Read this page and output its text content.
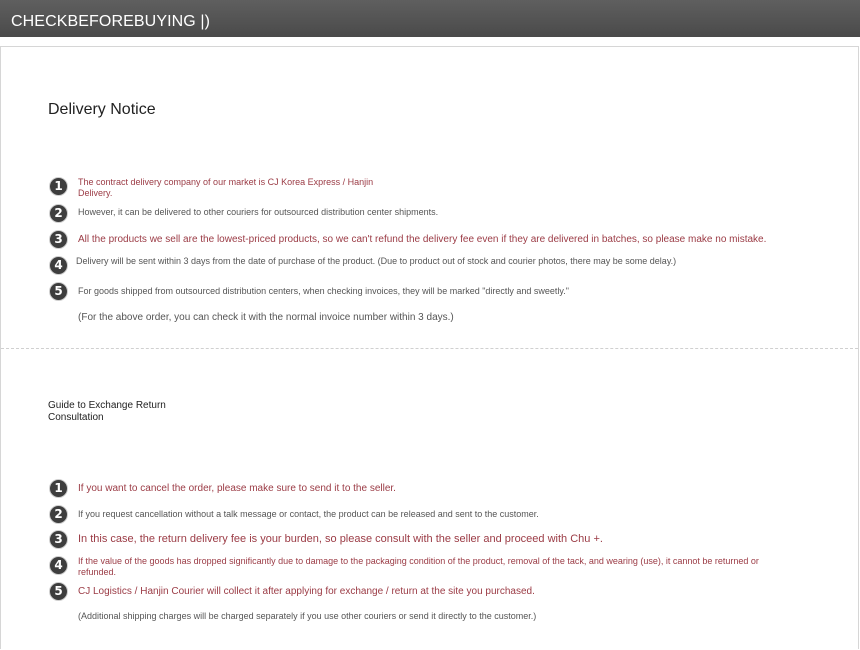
CHECKBEFOREBUYING |)
Delivery Notice
1	The contract delivery company of our market is CJ Korea Express / Hanjin Delivery.
2	However, it can be delivered to other couriers for outsourced distribution center shipments.
3	All the products we sell are the lowest-priced products, so we can't refund the delivery fee even if they are delivered in batches, so please make no mistake.
4	Delivery will be sent within 3 days from the date of purchase of the product. (Due to product out of stock and courier photos, there may be some delay.)
5	For goods shipped from outsourced distribution centers, when checking invoices, they will be marked "directly and sweetly."
(For the above order, you can check it with the normal invoice number within 3 days.)
Guide to Exchange Return Consultation
1	If you want to cancel the order, please make sure to send it to the seller.
2	If you request cancellation without a talk message or contact, the product can be released and sent to the customer.
3	In this case, the return delivery fee is your burden, so please consult with the seller and proceed with Chu +.
4	If the value of the goods has dropped significantly due to damage to the packaging condition of the product, removal of the tack, and wearing (use), it cannot be returned or refunded.
5	CJ Logistics / Hanjin Courier will collect it after applying for exchange / return at the site you purchased.
(Additional shipping charges will be charged separately if you use other couriers or send it directly to the customer.)
